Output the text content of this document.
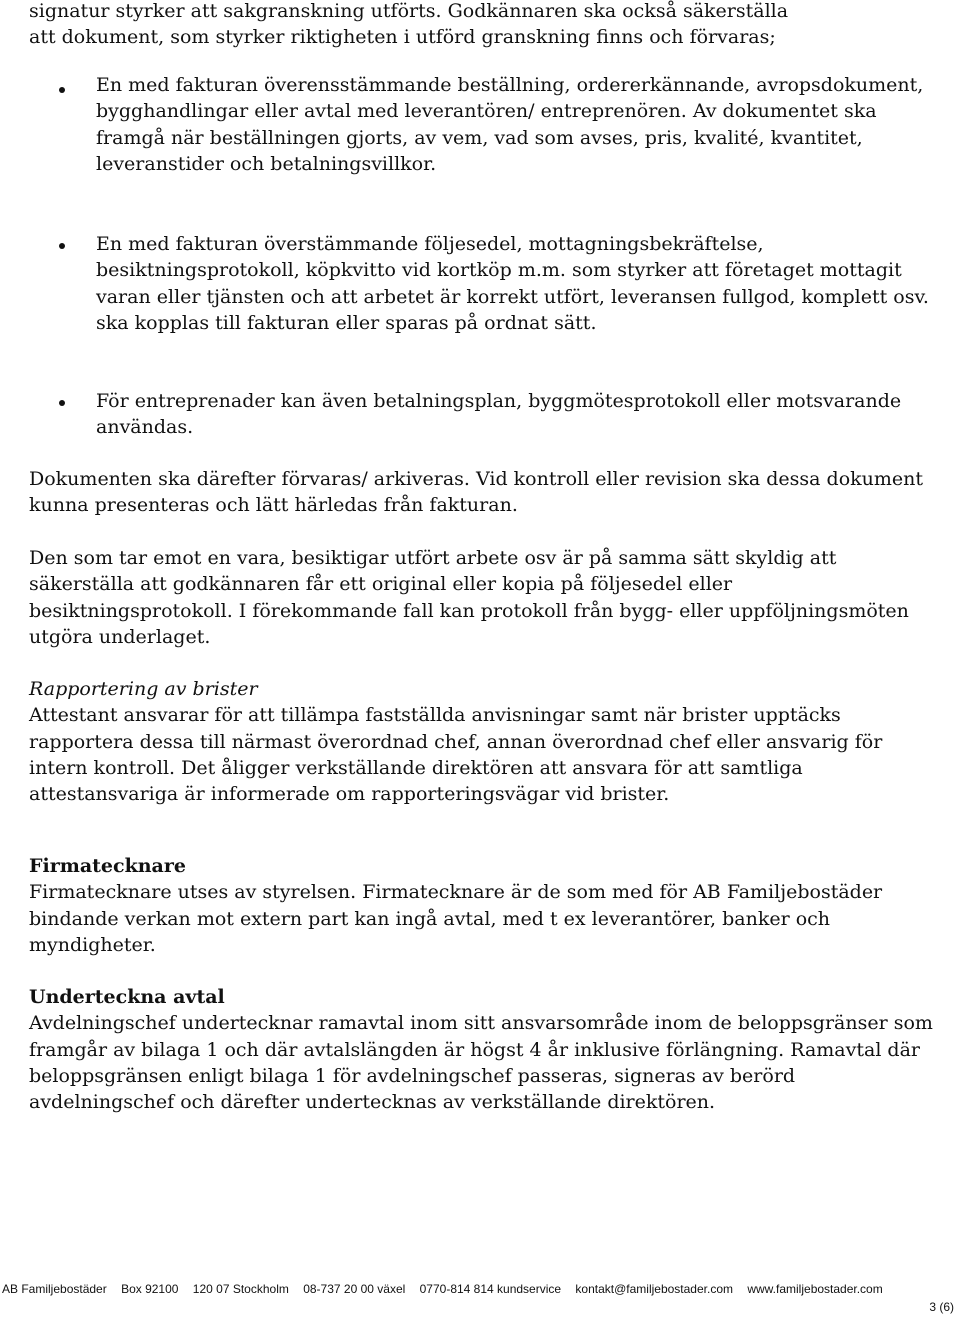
signatur styrker att sakgranskning utförts. Godkännaren ska också säkerställa
att dokument, som styrker riktigheten i utförd granskning finns och förvaras;
En med fakturan överensstämmande beställning, ordererkännande, avropsdokument, bygghandlingar eller avtal med leverantören/ entreprenören. Av dokumentet ska framgå när beställningen gjorts, av vem, vad som avses, pris, kvalité, kvantitet, leveranstider och betalningsvillkor.
En med fakturan överstämmande följesedel, mottagningsbekräftelse, besiktningsprotokoll, köpkvitto vid kortköp m.m. som styrker att företaget mottagit varan eller tjänsten och att arbetet är korrekt utfört, leveransen fullgod, komplett osv. ska kopplas till fakturan eller sparas på ordnat sätt.
För entreprenader kan även betalningsplan, byggmötesprotokoll eller motsvarande användas.

Dokumenten ska därefter förvaras/ arkiveras. Vid kontroll eller revision ska dessa dokument kunna presenteras och lätt härledas från fakturan.

Den som tar emot en vara, besiktigar utfört arbete osv är på samma sätt skyldig att säkerställa att godkännaren får ett original eller kopia på följesedel eller besiktningsprotokoll. I förekommande fall kan protokoll från bygg- eller uppföljningsmöten utgöra underlaget.

Rapportering av brister
Attestant ansvarar för att tillämpa fastställda anvisningar samt när brister upptäcks rapportera dessa till närmast överordnad chef, annan överordnad chef eller ansvarig för intern kontroll. Det åligger verkställande direktören att ansvara för att samtliga attestansvariga är informerade om rapporteringsvägar vid brister.
Firmatecknare
Firmatecknare utses av styrelsen. Firmatecknare är de som med för AB Familjebostäder bindande verkan mot extern part kan ingå avtal, med t ex leverantörer, banker och myndigheter.
Underteckna avtal
Avdelningschef undertecknar ramavtal inom sitt ansvarsområde inom de beloppsgränser som framgår av bilaga 1 och där avtalslängden är högst 4 år inklusive förlängning. Ramavtal där beloppsgränsen enligt bilaga 1 för avdelningschef passeras, signeras av berörd avdelningschef och därefter undertecknas av verkställande direktören.
AB Familjebostäder Box 92100 120 07 Stockholm 08-737 20 00 växel 0770-814 814 kundservice kontakt@familjebostader.com www.familjebostader.com
3 (6)
